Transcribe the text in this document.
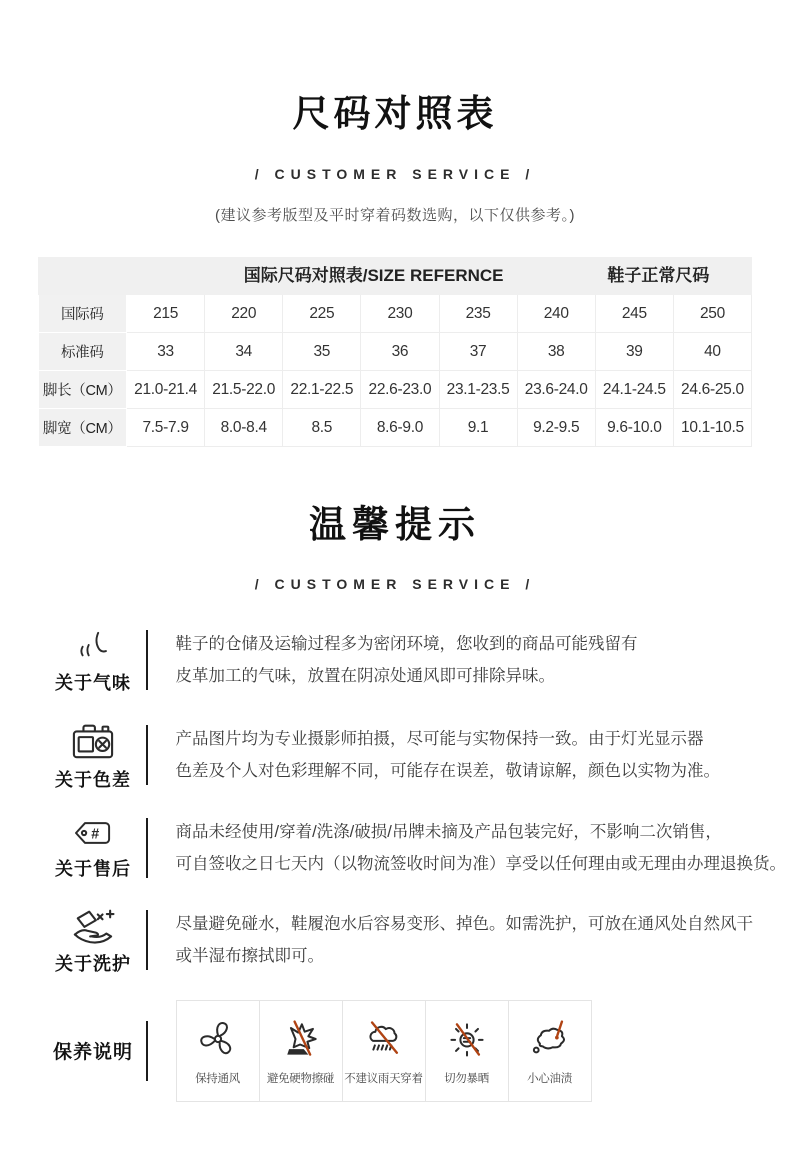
尺码对照表
/ CUSTOMER SERVICE /
(建议参考版型及平时穿着码数选购，以下仅供参考。)
国际尺码对照表/SIZE REFERNCE 鞋子正常尺码								

国际码	215	220	225	230	235	240	245	250
标准码	33	34	35	36	37	38	39	40
脚长（CM）	21.0-21.4	21.5-22.0	22.1-22.5	22.6-23.0	23.1-23.5	23.6-24.0	24.1-24.5	24.6-25.0
脚宽（CM）	7.5-7.9	8.0-8.4	8.5	8.6-9.0	9.1	9.2-9.5	9.6-10.0	10.1-10.5
温馨提示
/ CUSTOMER SERVICE /
关于气味
鞋子的仓储及运输过程多为密闭环境，您收到的商品可能残留有
皮革加工的气味，放置在阴凉处通风即可排除异味。
关于色差
产品图片均为专业摄影师拍摄，尽可能与实物保持一致。由于灯光显示器
色差及个人对色彩理解不同，可能存在误差，敬请谅解，颜色以实物为准。
#
关于售后
商品未经使用/穿着/洗涤/破损/吊牌未摘及产品包装完好，不影响二次销售，
可自签收之日七天内（以物流签收时间为准）享受以任何理由或无理由办理退换货。
关于洗护
尽量避免碰水，鞋履泡水后容易变形、掉色。如需洗护，可放在通风处自然风干
或半湿布擦拭即可。
保养说明
保持通风 避免硬物擦碰 不建议雨天穿着 切勿暴晒	小心油渍
